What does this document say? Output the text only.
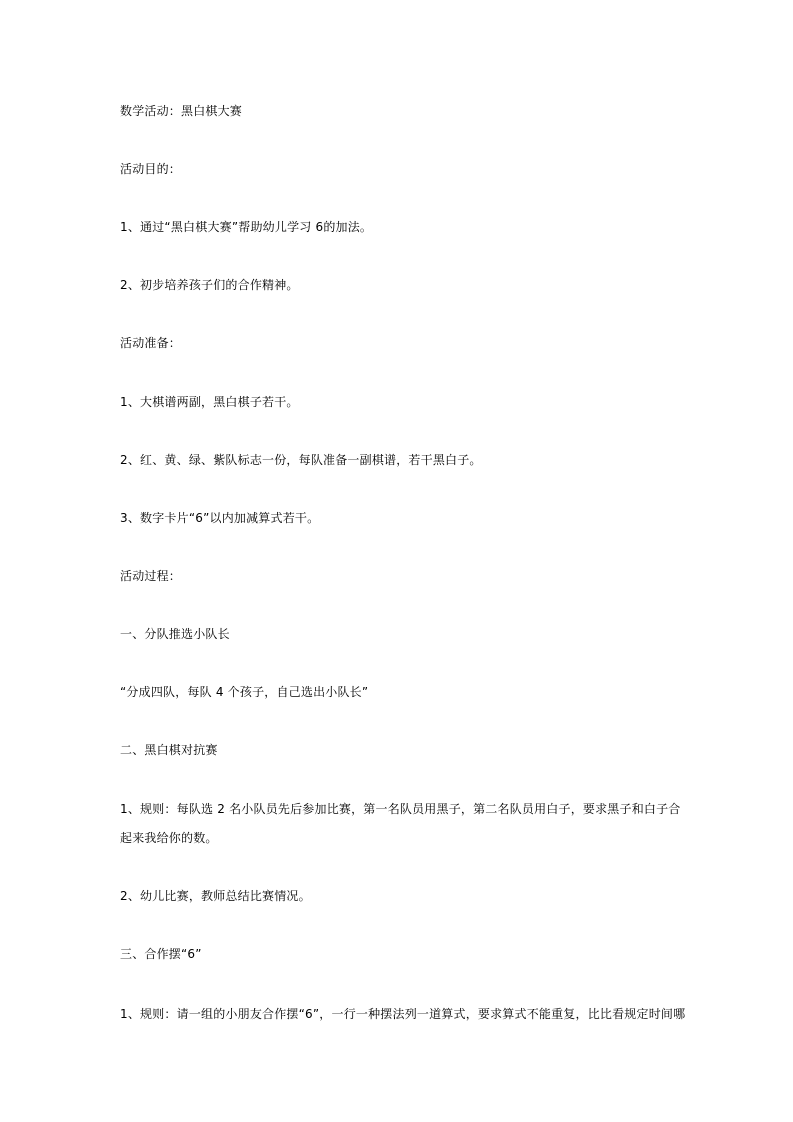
数学活动：黑白棋大赛

活动目的：

1、通过“黑白棋大赛”帮助幼儿学习 6的加法。

2、初步培养孩子们的合作精神。

活动准备：

1、大棋谱两副，黑白棋子若干。

2、红、黄、绿、紫队标志一份，每队准备一副棋谱，若干黑白子。

3、数字卡片“6”以内加减算式若干。

活动过程：

一、分队推选小队长

“分成四队，每队 4 个孩子，自己选出小队长”

二、黑白棋对抗赛

1、规则：每队选 2 名小队员先后参加比赛，第一名队员用黑子，第二名队员用白子，要求黑子和白子合

起来我给你的数。

2、幼儿比赛，教师总结比赛情况。

三、合作摆“6”

1、规则：请一组的小朋友合作摆“6”，一行一种摆法列一道算式，要求算式不能重复，比比看规定时间哪
